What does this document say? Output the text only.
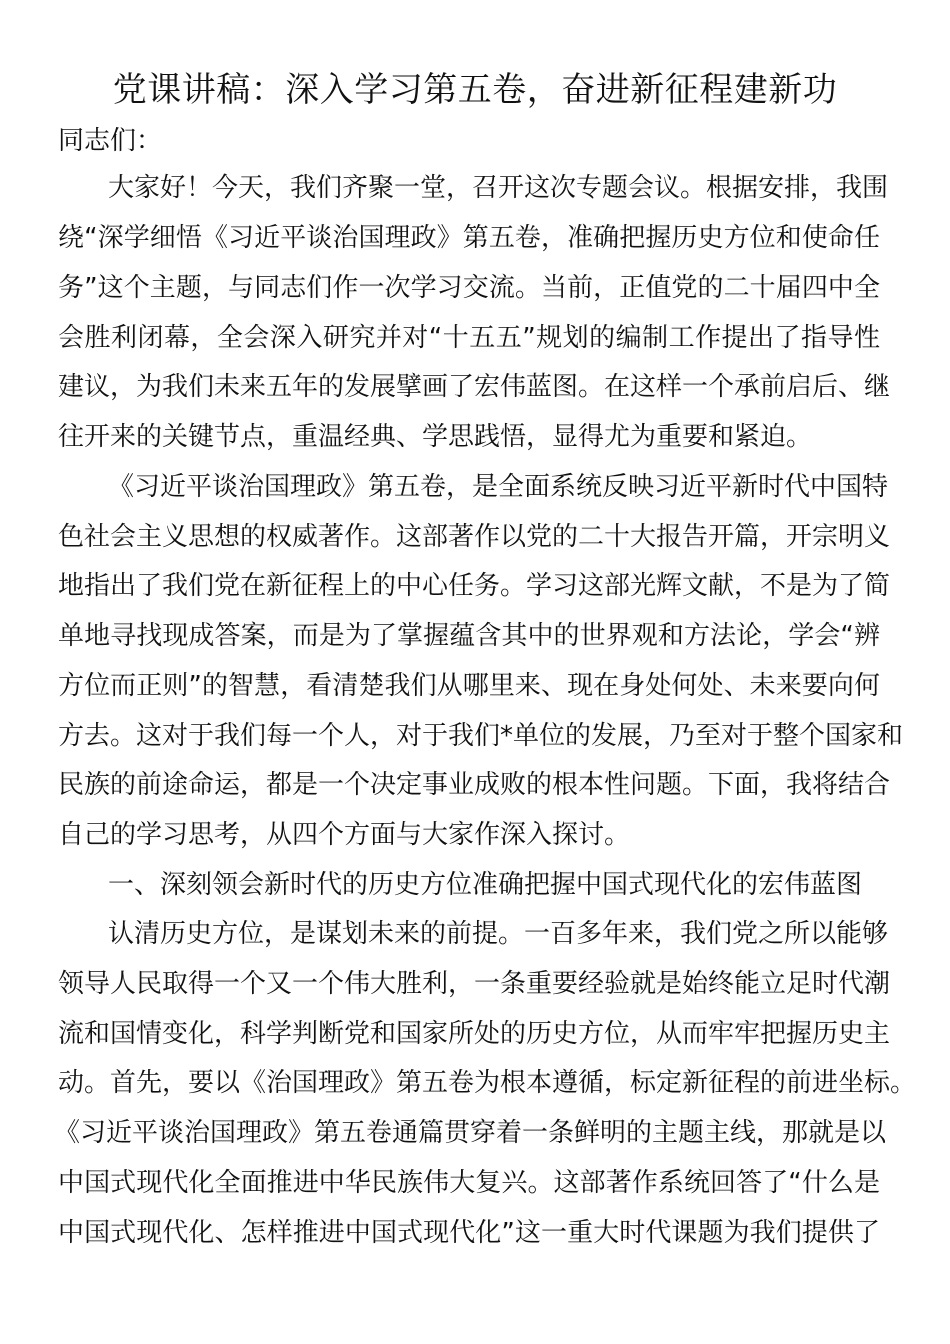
党课讲稿：深入学习第五卷，奋进新征程建新功
同志们：
大家好！今天，我们齐聚一堂，召开这次专题会议。根据安排，我围
绕“深学细悟《习近平谈治国理政》第五卷，准确把握历史方位和使命任
务”这个主题，与同志们作一次学习交流。当前，正值党的二十届四中全
会胜利闭幕，全会深入研究并对“十五五”规划的编制工作提出了指导性
建议，为我们未来五年的发展擘画了宏伟蓝图。在这样一个承前启后、继
往开来的关键节点，重温经典、学思践悟，显得尤为重要和紧迫。
《习近平谈治国理政》第五卷，是全面系统反映习近平新时代中国特
色社会主义思想的权威著作。这部著作以党的二十大报告开篇，开宗明义
地指出了我们党在新征程上的中心任务。学习这部光辉文献，不是为了简
单地寻找现成答案，而是为了掌握蕴含其中的世界观和方法论，学会“辨
方位而正则”的智慧，看清楚我们从哪里来、现在身处何处、未来要向何
方去。这对于我们每一个人，对于我们*单位的发展，乃至对于整个国家和
民族的前途命运，都是一个决定事业成败的根本性问题。下面，我将结合
自己的学习思考，从四个方面与大家作深入探讨。
一、深刻领会新时代的历史方位准确把握中国式现代化的宏伟蓝图
认清历史方位，是谋划未来的前提。一百多年来，我们党之所以能够
领导人民取得一个又一个伟大胜利，一条重要经验就是始终能立足时代潮
流和国情变化，科学判断党和国家所处的历史方位，从而牢牢把握历史主
动。首先，要以《治国理政》第五卷为根本遵循，标定新征程的前进坐标。
《习近平谈治国理政》第五卷通篇贯穿着一条鲜明的主题主线，那就是以
中国式现代化全面推进中华民族伟大复兴。这部著作系统回答了“什么是
中国式现代化、怎样推进中国式现代化”这一重大时代课题为我们提供了
